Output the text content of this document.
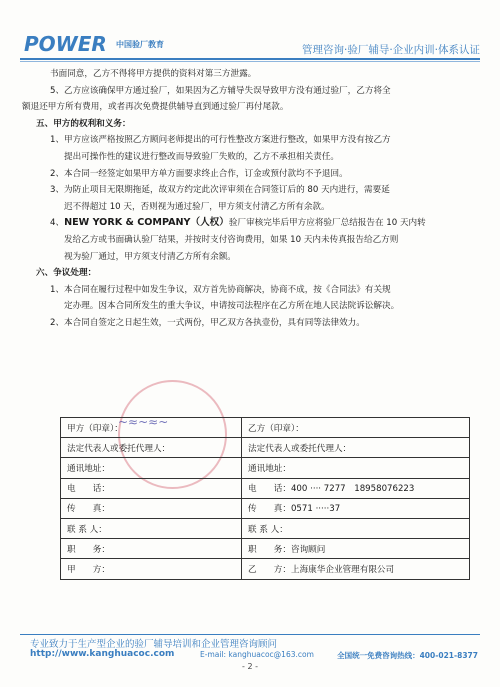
POWER 中国验厂教育	管理咨询·验厂辅导·企业内训·体系认证

书面同意，乙方不得将甲方提供的资料对第三方泄露。

5、乙方应该确保甲方通过验厂，如果因为乙方辅导失误导致甲方没有通过验厂，乙方将全

额退还甲方所有费用，或者再次免费提供辅导直到通过验厂再付尾款。

五、甲方的权利和义务：

1、甲方应该严格按照乙方顾问老师提出的可行性整改方案进行整改，如果甲方没有按乙方

提出可操作性的建议进行整改而导致验厂失败的，乙方不承担相关责任。

2、本合同一经签定如果甲方单方面要求终止合作，订金或预付款均不予退回。

3、为防止项目无限期拖延，故双方约定此次评审须在合同签订后的 80 天内进行，需要延

迟不得超过 10 天，否则视为通过验厂，甲方须支付清乙方所有余款。

4、NEW YORK & COMPANY（人权）验厂审核完毕后甲方应将验厂总结报告在 10 天内转

发给乙方或书面确认验厂结果，并按时支付咨询费用，如果 10 天内未传真报告给乙方则

视为验厂通过，甲方须支付清乙方所有余额。

六、争议处理：

1、本合同在履行过程中如发生争议，双方首先协商解决，协商不成，按《合同法》有关规

定办理。因本合同所发生的重大争议，申请按司法程序在乙方所在地人民法院诉讼解决。

2、本合同自签定之日起生效，一式两份，甲乙双方各执壹份，具有同等法律效力。

~≈~≈~
甲方（印章）：	乙方（印章）：
法定代表人或委托代理人：	法定代表人或委托代理人：
通讯地址：	通讯地址：
电　　话：	电　　话：400 ···· 7277　18958076223
传　　真：	传　　真：0571 ·····37
联 系 人：	联 系 人：
职　　务：	职　　务：咨询顾问
甲　　方：	乙　　方：上海康华企业管理有限公司
专业致力于生产型企业的验厂辅导培训和企业管理咨询顾问
http://www.kanghuacoc.com	E-mail: kanghuacoc@163.com	全国统一免费咨询热线：400-021-8377
- 2 -
